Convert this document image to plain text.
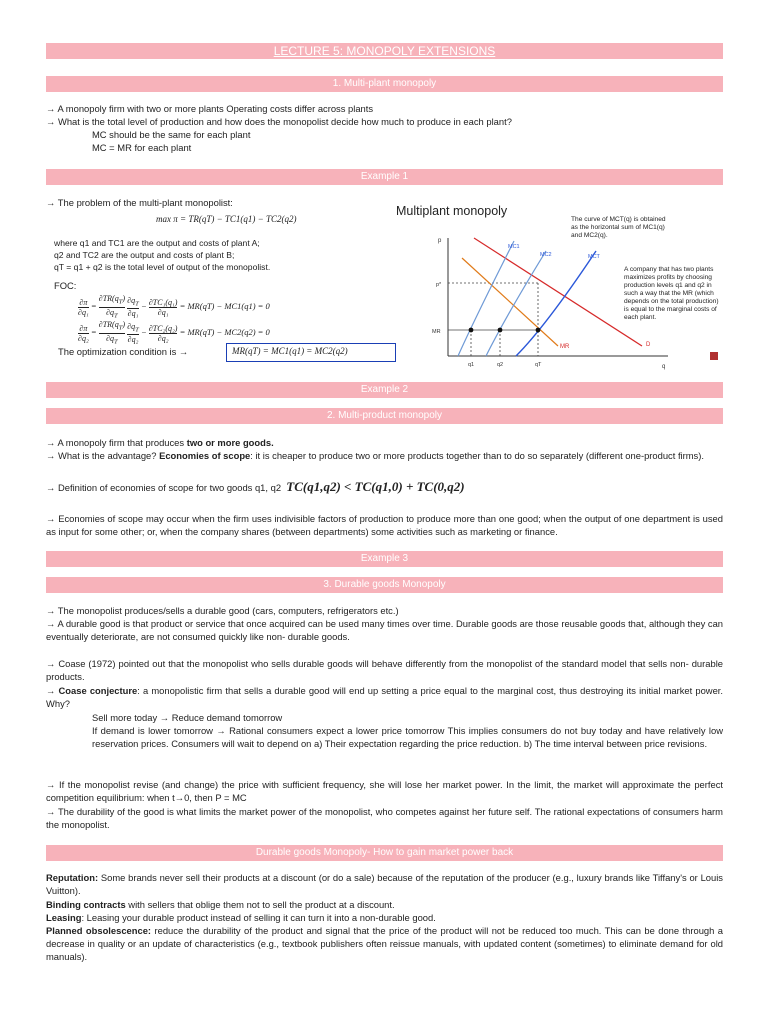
LECTURE 5: MONOPOLY EXTENSIONS
1. Multi-plant monopoly
→ A monopoly firm with two or more plants Operating costs differ across plants
→ What is the total level of production and how does the monopolist decide how much to produce in each plant?
MC should be the same for each plant
MC = MR for each plant
Example 1
→ The problem of the multi-plant monopolist:
max π = TR(qT) − TC1(q1) − TC2(q2)
where q1 and TC1 are the output and costs of plant A;
q2 and TC2 are the output and costs of plant B;
qT = q1 + q2 is the total level of output of the monopolist.
FOC:
$\frac{\partial\pi}{\text{∂q₁}} = \frac{\partial TR(q_T)}{\partial q_T}$
$\frac{\partial q_T}{\text{∂q₁}} - \frac{\text{∂TC₁(q₁)}}{\text{∂q₁}} = MR(qT) - MC1(q1) = 0$
$\frac{\partial\pi}{\text{∂q₂}} = \frac{\partial TR(q_T)}{\partial q_T}$
$\frac{\partial q_T}{\text{∂q₂}} - \frac{\text{∂TC₂(q₂)}}{\text{∂q₂}} = MR(qT) - MC2(q2) = 0$
The optimization condition is →	MR(qT) = MC1(q1) = MC2(q2)
Multiplant monopoly
The curve of MCT(q) is obtained as the horizontal sum of MC1(q) and MC2(q).
A company that has two plants maximizes profits by choosing production levels q1 and q2 in such a way that the MR (which depends on the total production) is equal to the marginal costs of each plant.
p
q
p*
MR
D
MR
MC1
MC2	MCT
q1	q2	qT
Example 2
2. Multi-product monopoly
→ A monopoly firm that produces two or more goods.
→ What is the advantage? Economies of scope: it is cheaper to produce two or more products together than to do so separately (different one-product firms).
→ Definition of economies of scope for two goods q1, q2 TC(q1,q2) < TC(q1,0) + TC(0,q2)
→ Economies of scope may occur when the firm uses indivisible factors of production to produce more than one good; when the output of one department is used as input for some other; or, when the company shares (between departments) some activities such as marketing or finance.
Example 3
3. Durable goods Monopoly
→ The monopolist produces/sells a durable good (cars, computers, refrigerators etc.)
→ A durable good is that product or service that once acquired can be used many times over time. Durable goods are those reusable goods that, although they can eventually deteriorate, are not consumed quickly like non- durable goods.
→ Coase (1972) pointed out that the monopolist who sells durable goods will behave differently from the monopolist of the standard model that sells non- durable products.
→ Coase conjecture: a monopolistic firm that sells a durable good will end up setting a price equal to the marginal cost, thus destroying its initial market power. Why?
Sell more today → Reduce demand tomorrow
If demand is lower tomorrow → Rational consumers expect a lower price tomorrow This implies consumers do not buy today and have relatively low reservation prices. Consumers will wait to depend on a) Their expectation regarding the price reduction. b) The time interval between price revisions.
→ If the monopolist revise (and change) the price with sufficient frequency, she will lose her market power. In the limit, the market will approximate the perfect competition equilibrium: when t→0, then P = MC
→ The durability of the good is what limits the market power of the monopolist, who competes against her future self. The rational expectations of consumers harm the monopolist.
Durable goods Monopoly- How to gain market power back
Reputation: Some brands never sell their products at a discount (or do a sale) because of the reputation of the producer (e.g., luxury brands like Tiffany's or Louis Vuitton).
Binding contracts with sellers that oblige them not to sell the product at a discount.
Leasing: Leasing your durable product instead of selling it can turn it into a non-durable good.
Planned obsolescence: reduce the durability of the product and signal that the price of the product will not be reduced too much. This can be done through a decrease in quality or an update of characteristics (e.g., textbook publishers often reissue manuals, with updated content (sometimes) to eliminate demand for old manuals).
